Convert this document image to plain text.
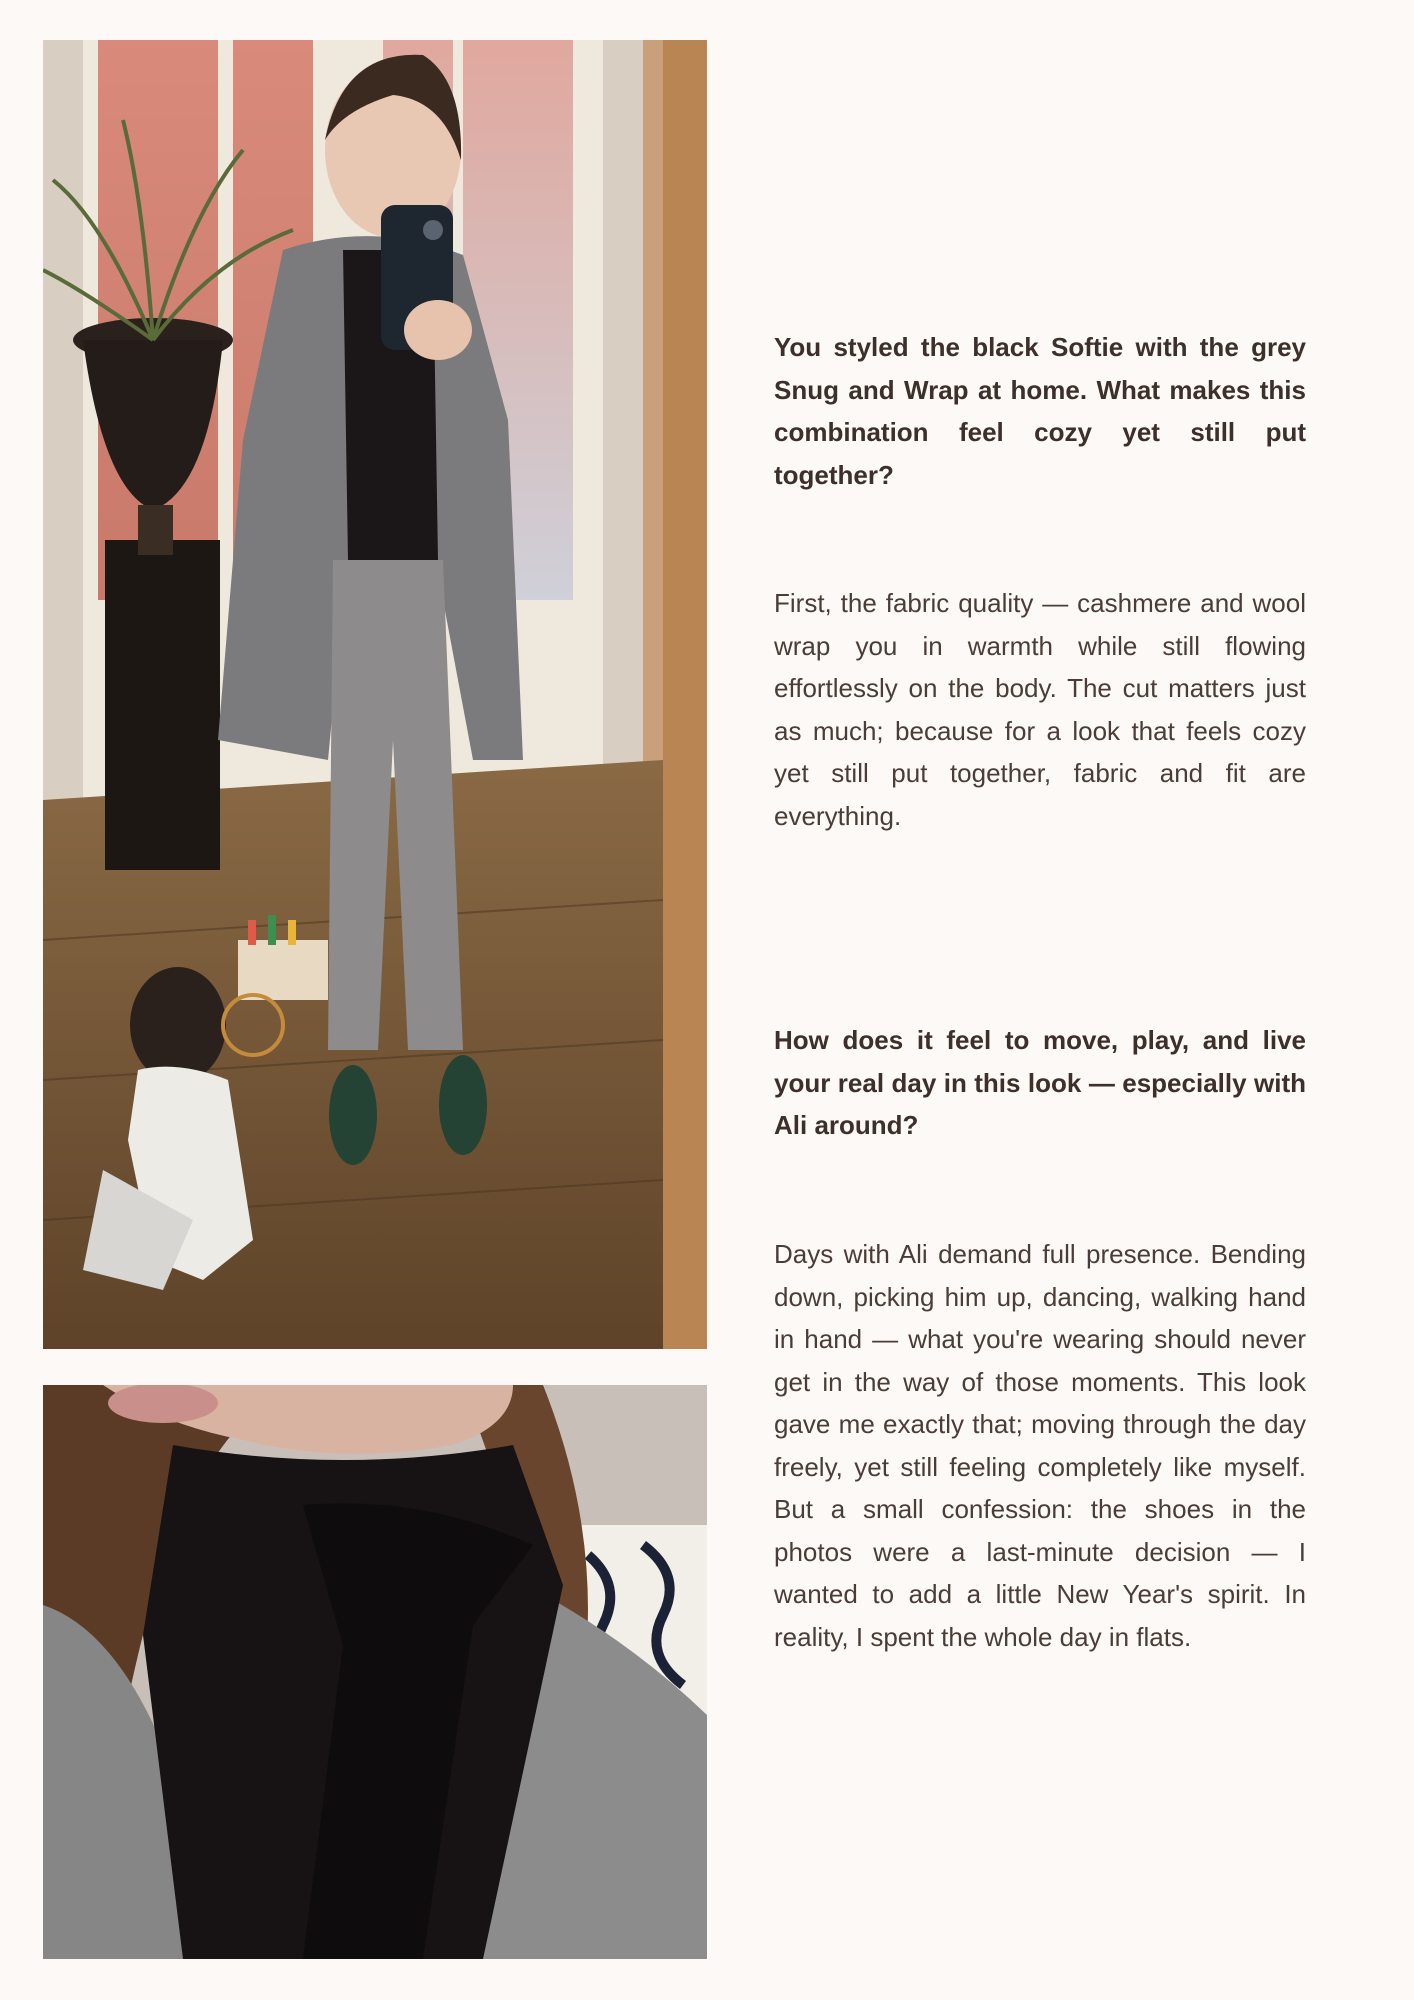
You styled the black Softie with the grey Snug and Wrap at home. What makes this combination feel cozy yet still put together?

First, the fabric quality — cashmere and wool wrap you in warmth while still flowing effortlessly on the body. The cut matters just as much; because for a look that feels cozy yet still put together, fabric and fit are everything.

How does it feel to move, play, and live your real day in this look — especially with Ali around?

Days with Ali demand full presence. Bending down, picking him up, dancing, walking hand in hand — what you're wearing should never get in the way of those moments. This look gave me exactly that; moving through the day freely, yet still feeling completely like myself. But a small confession: the shoes in the photos were a last-minute decision — I wanted to add a little New Year's spirit. In reality, I spent the whole day in flats.
